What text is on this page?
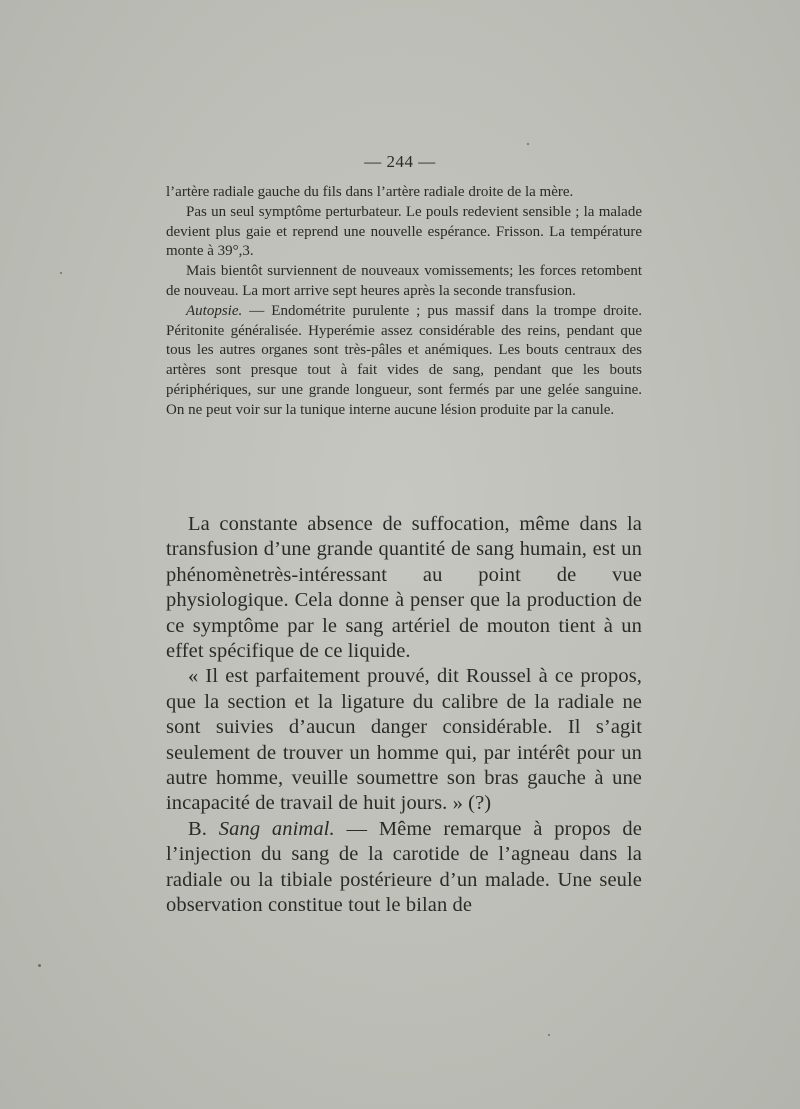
— 244 —

l’artère radiale gauche du fils dans l’artère radiale droite de la mère.

Pas un seul symptôme perturbateur. Le pouls redevient sensible ; la malade devient plus gaie et reprend une nouvelle espérance. Frisson. La température monte à 39°,3.

Mais bientôt surviennent de nouveaux vomissements; les forces retombent de nouveau. La mort arrive sept heures après la seconde transfusion.

Autopsie. — Endométrite purulente ; pus massif dans la trompe droite. Péritonite généralisée. Hyperémie assez considérable des reins, pendant que tous les autres organes sont très-pâles et anémiques. Les bouts centraux des artères sont presque tout à fait vides de sang, pendant que les bouts périphériques, sur une grande longueur, sont fermés par une gelée sanguine. On ne peut voir sur la tunique interne aucune lésion produite par la canule.

La constante absence de suffocation, même dans la transfusion d’une grande quantité de sang humain, est un phénomènetrès-intéressant au point de vue physiologique. Cela donne à penser que la production de ce symptôme par le sang artériel de mouton tient à un effet spécifique de ce liquide.

« Il est parfaitement prouvé, dit Roussel à ce propos, que la section et la ligature du calibre de la radiale ne sont suivies d’aucun danger considérable. Il s’agit seulement de trouver un homme qui, par intérêt pour un autre homme, veuille soumettre son bras gauche à une incapacité de travail de huit jours. » (?)

B. Sang animal. — Même remarque à propos de l’injection du sang de la carotide de l’agneau dans la radiale ou la tibiale postérieure d’un malade. Une seule observation constitue tout le bilan de
